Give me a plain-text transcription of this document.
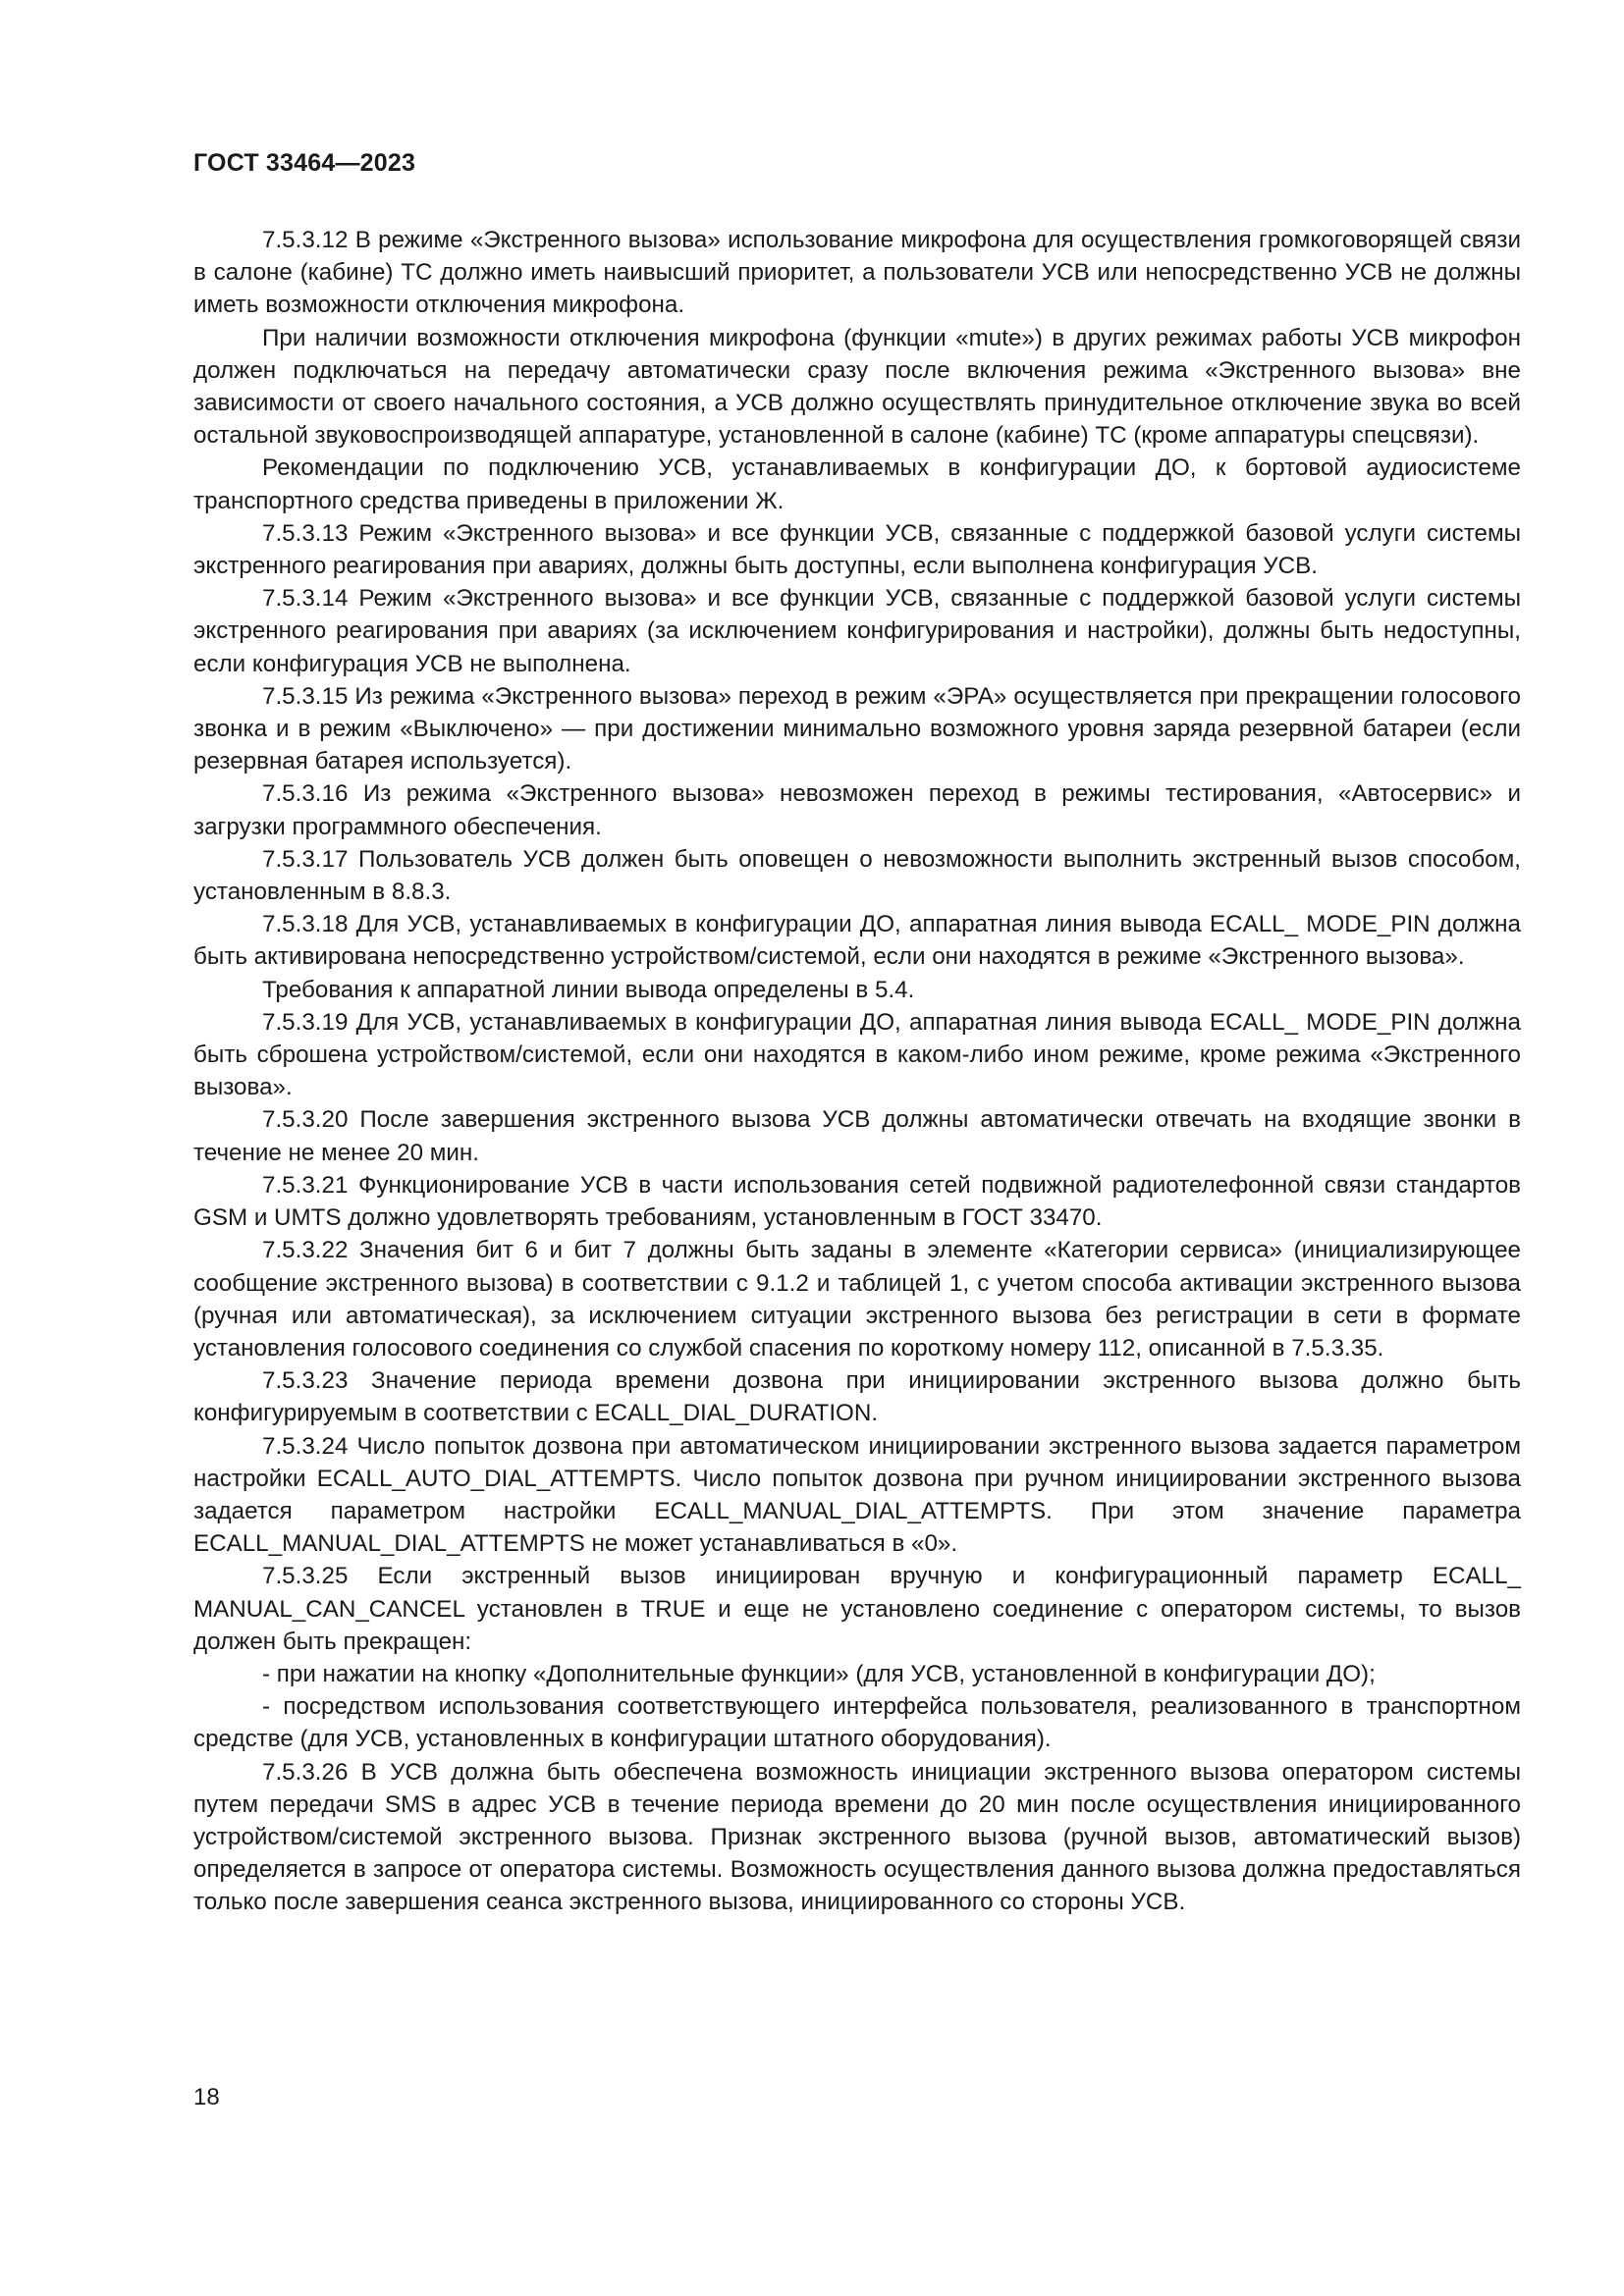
ГОСТ 33464—2023

7.5.3.12 В режиме «Экстренного вызова» использование микрофона для осуществления громкоговорящей связи в салоне (кабине) ТС должно иметь наивысший приоритет, а пользователи УСВ или непосредственно УСВ не должны иметь возможности отключения микрофона.

При наличии возможности отключения микрофона (функции «mute») в других режимах работы УСВ микрофон должен подключаться на передачу автоматически сразу после включения режима «Экстренного вызова» вне зависимости от своего начального состояния, а УСВ должно осуществлять принудительное отключение звука во всей остальной звуковоспроизводящей аппаратуре, установленной в салоне (кабине) ТС (кроме аппаратуры спецсвязи).

Рекомендации по подключению УСВ, устанавливаемых в конфигурации ДО, к бортовой аудиосистеме транспортного средства приведены в приложении Ж.

7.5.3.13 Режим «Экстренного вызова» и все функции УСВ, связанные с поддержкой базовой услуги системы экстренного реагирования при авариях, должны быть доступны, если выполнена конфигурация УСВ.

7.5.3.14 Режим «Экстренного вызова» и все функции УСВ, связанные с поддержкой базовой услуги системы экстренного реагирования при авариях (за исключением конфигурирования и настройки), должны быть недоступны, если конфигурация УСВ не выполнена.

7.5.3.15 Из режима «Экстренного вызова» переход в режим «ЭРА» осуществляется при прекращении голосового звонка и в режим «Выключено» — при достижении минимально возможного уровня заряда резервной батареи (если резервная батарея используется).

7.5.3.16 Из режима «Экстренного вызова» невозможен переход в режимы тестирования, «Автосервис» и загрузки программного обеспечения.

7.5.3.17 Пользователь УСВ должен быть оповещен о невозможности выполнить экстренный вызов способом, установленным в 8.8.3.

7.5.3.18 Для УСВ, устанавливаемых в конфигурации ДО, аппаратная линия вывода ECALL_ MODE_PIN должна быть активирована непосредственно устройством/системой, если они находятся в режиме «Экстренного вызова».

Требования к аппаратной линии вывода определены в 5.4.

7.5.3.19 Для УСВ, устанавливаемых в конфигурации ДО, аппаратная линия вывода ECALL_ MODE_PIN должна быть сброшена устройством/системой, если они находятся в каком-либо ином режиме, кроме режима «Экстренного вызова».

7.5.3.20 После завершения экстренного вызова УСВ должны автоматически отвечать на входящие звонки в течение не менее 20 мин.

7.5.3.21 Функционирование УСВ в части использования сетей подвижной радиотелефонной связи стандартов GSM и UMTS должно удовлетворять требованиям, установленным в ГОСТ 33470.

7.5.3.22 Значения бит 6 и бит 7 должны быть заданы в элементе «Категории сервиса» (инициализирующее сообщение экстренного вызова) в соответствии с 9.1.2 и таблицей 1, с учетом способа активации экстренного вызова (ручная или автоматическая), за исключением ситуации экстренного вызова без регистрации в сети в формате установления голосового соединения со службой спасения по короткому номеру 112, описанной в 7.5.3.35.

7.5.3.23 Значение периода времени дозвона при инициировании экстренного вызова должно быть конфигурируемым в соответствии с ECALL_DIAL_DURATION.

7.5.3.24 Число попыток дозвона при автоматическом инициировании экстренного вызова задается параметром настройки ECALL_AUTO_DIAL_ATTEMPTS. Число попыток дозвона при ручном инициировании экстренного вызова задается параметром настройки ECALL_MANUAL_DIAL_ATTEMPTS. При этом значение параметра ECALL_MANUAL_DIAL_ATTEMPTS не может устанавливаться в «0».

7.5.3.25 Если экстренный вызов инициирован вручную и конфигурационный параметр ECALL_ MANUAL_CAN_CANCEL установлен в TRUE и еще не установлено соединение с оператором системы, то вызов должен быть прекращен:

- при нажатии на кнопку «Дополнительные функции» (для УСВ, установленной в конфигурации ДО);

- посредством использования соответствующего интерфейса пользователя, реализованного в транспортном средстве (для УСВ, установленных в конфигурации штатного оборудования).

7.5.3.26 В УСВ должна быть обеспечена возможность инициации экстренного вызова оператором системы путем передачи SMS в адрес УСВ в течение периода времени до 20 мин после осуществления инициированного устройством/системой экстренного вызова. Признак экстренного вызова (ручной вызов, автоматический вызов) определяется в запросе от оператора системы. Возможность осуществления данного вызова должна предоставляться только после завершения сеанса экстренного вызова, инициированного со стороны УСВ.

18
